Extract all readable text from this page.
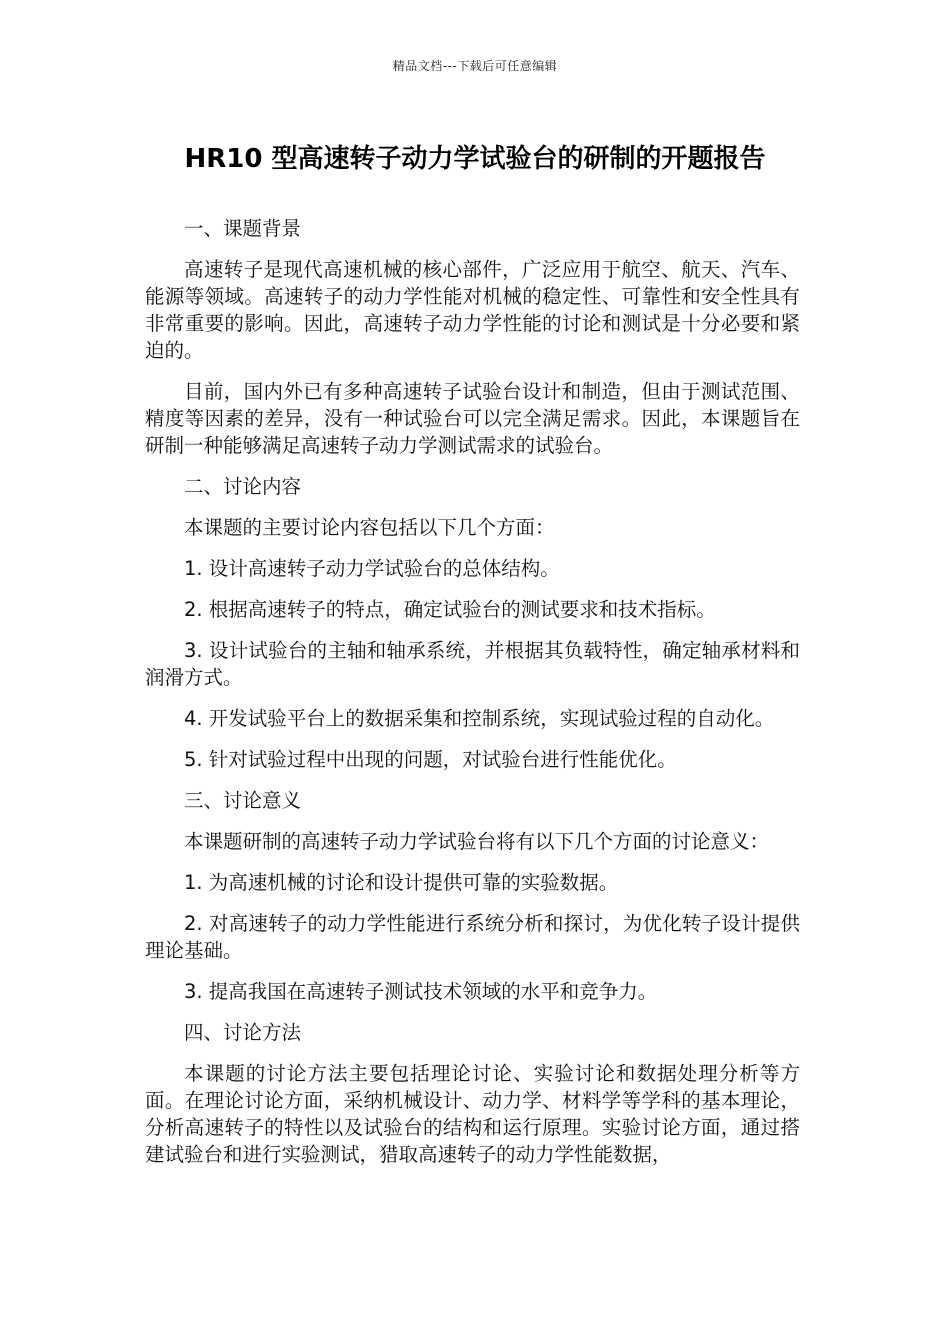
精品文档---下载后可任意编辑
HR10 型高速转子动力学试验台的研制的开题报告
一、课题背景

高速转子是现代高速机械的核心部件，广泛应用于航空、航天、汽车、能源等领域。高速转子的动力学性能对机械的稳定性、可靠性和安全性具有非常重要的影响。因此，高速转子动力学性能的讨论和测试是十分必要和紧迫的。

目前，国内外已有多种高速转子试验台设计和制造，但由于测试范围、精度等因素的差异，没有一种试验台可以完全满足需求。因此，本课题旨在研制一种能够满足高速转子动力学测试需求的试验台。

二、讨论内容

本课题的主要讨论内容包括以下几个方面：

1. 设计高速转子动力学试验台的总体结构。

2. 根据高速转子的特点，确定试验台的测试要求和技术指标。

3. 设计试验台的主轴和轴承系统，并根据其负载特性，确定轴承材料和润滑方式。

4. 开发试验平台上的数据采集和控制系统，实现试验过程的自动化。

5. 针对试验过程中出现的问题，对试验台进行性能优化。

三、讨论意义

本课题研制的高速转子动力学试验台将有以下几个方面的讨论意义：

1. 为高速机械的讨论和设计提供可靠的实验数据。

2. 对高速转子的动力学性能进行系统分析和探讨，为优化转子设计提供理论基础。

3. 提高我国在高速转子测试技术领域的水平和竞争力。

四、讨论方法

本课题的讨论方法主要包括理论讨论、实验讨论和数据处理分析等方面。在理论讨论方面，采纳机械设计、动力学、材料学等学科的基本理论，分析高速转子的特性以及试验台的结构和运行原理。实验讨论方面，通过搭建试验台和进行实验测试，猎取高速转子的动力学性能数据，
